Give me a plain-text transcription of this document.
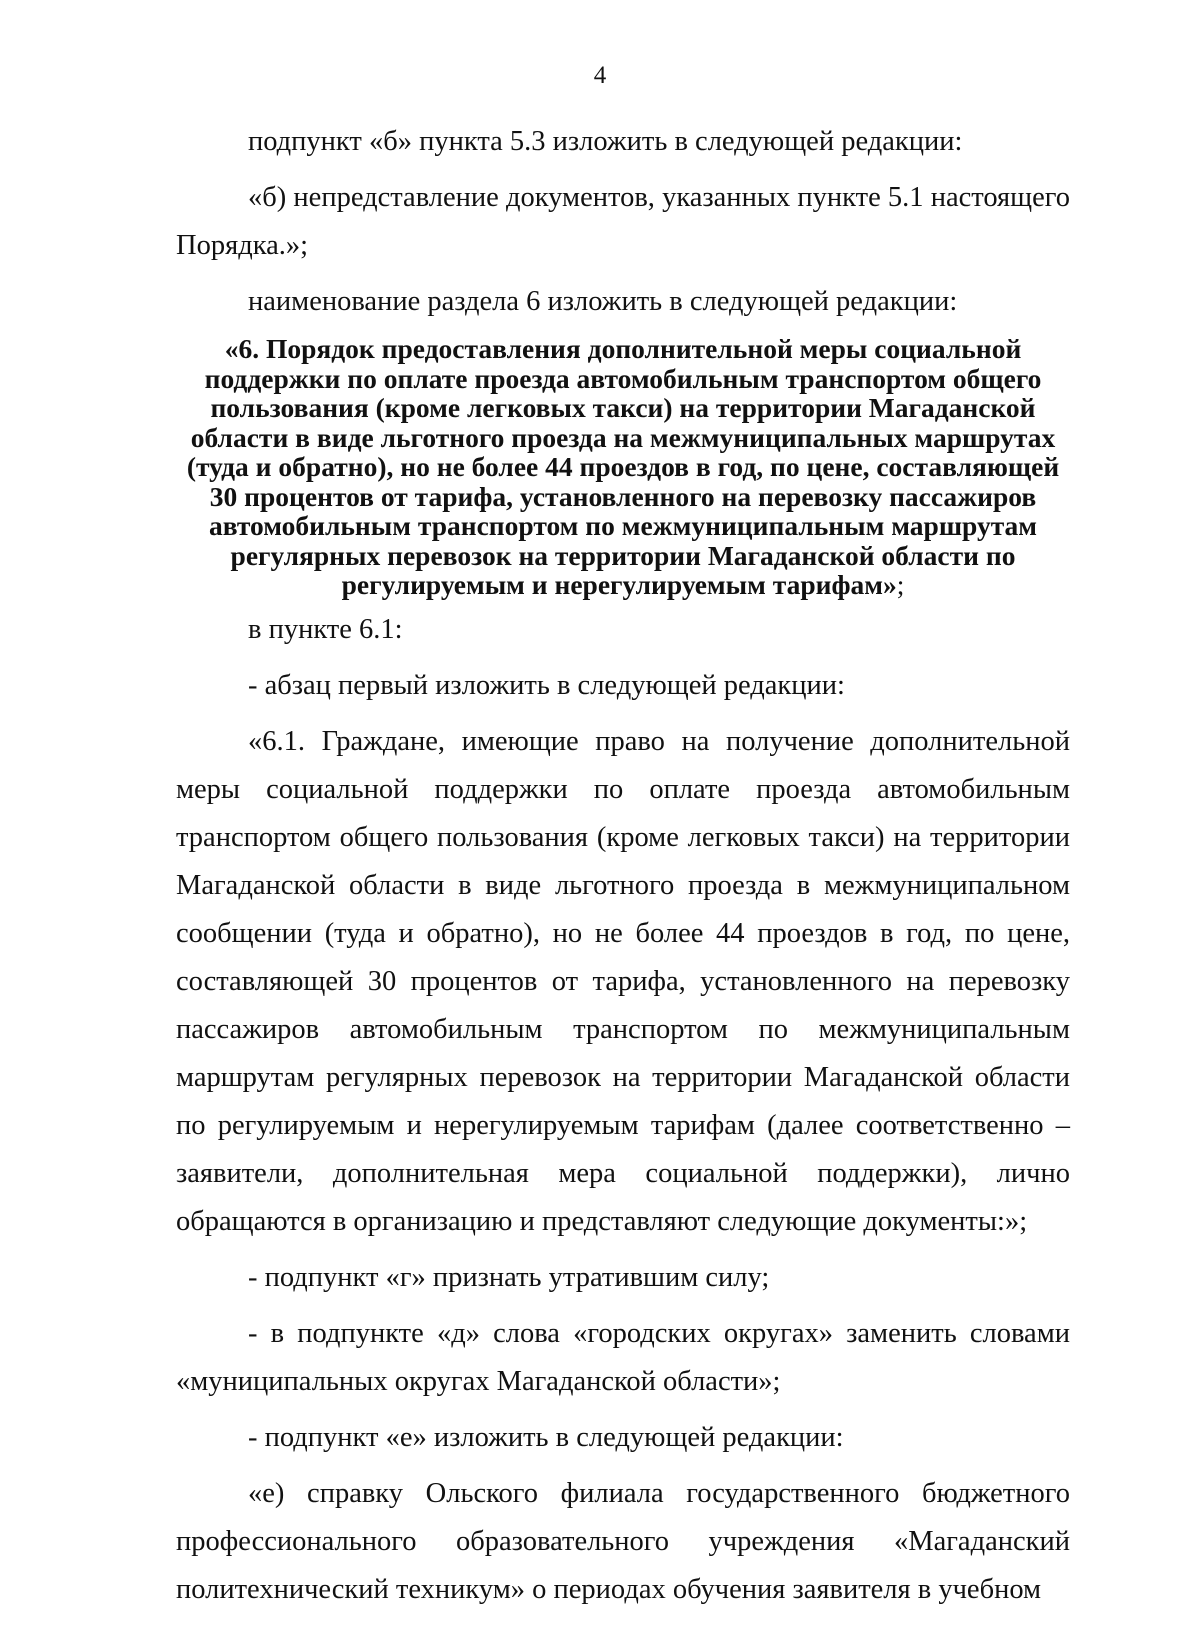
4

подпункт «б» пункта 5.3 изложить в следующей редакции:

«б) непредставление документов, указанных пункте 5.1 настоящего Порядка.»;

наименование раздела 6 изложить в следующей редакции:

«6. Порядок предоставления дополнительной меры социальной поддержки по оплате проезда автомобильным транспортом общего пользования (кроме легковых такси) на территории Магаданской области в виде льготного проезда на межмуниципальных маршрутах (туда и обратно), но не более 44 проездов в год, по цене, составляющей 30 процентов от тарифа, установленного на перевозку пассажиров автомобильным транспортом по межмуниципальным маршрутам регулярных перевозок на территории Магаданской области по регулируемым и нерегулируемым тарифам»;

в пункте 6.1:

- абзац первый изложить в следующей редакции:

«6.1. Граждане, имеющие право на получение дополнительной меры социальной поддержки по оплате проезда автомобильным транспортом общего пользования (кроме легковых такси) на территории Магаданской области в виде льготного проезда в межмуниципальном сообщении (туда и обратно), но не более 44 проездов в год, по цене, составляющей 30 процентов от тарифа, установленного на перевозку пассажиров автомобильным транспортом по межмуниципальным маршрутам регулярных перевозок на территории Магаданской области по регулируемым и нерегулируемым тарифам (далее соответственно – заявители, дополнительная мера социальной поддержки), лично обращаются в организацию и представляют следующие документы:»;

- подпункт «г» признать утратившим силу;

- в подпункте «д» слова «городских округах» заменить словами «муниципальных округах Магаданской области»;

- подпункт «е» изложить в следующей редакции:

«е) справку Ольского филиала государственного бюджетного профессионального образовательного учреждения «Магаданский политехнический техникум» о периодах обучения заявителя в учебном
